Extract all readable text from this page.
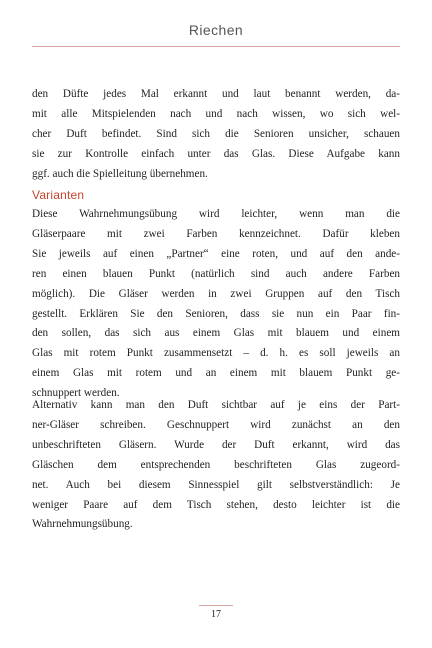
Riechen
den Düfte jedes Mal erkannt und laut benannt werden, da-
mit alle Mitspielenden nach und nach wissen, wo sich wel-
cher Duft befindet. Sind sich die Senioren unsicher, schauen
sie zur Kontrolle einfach unter das Glas. Diese Aufgabe kann
ggf. auch die Spielleitung übernehmen.
Varianten
Diese Wahrnehmungsübung wird leichter, wenn man die
Gläserpaare mit zwei Farben kennzeichnet. Dafür kleben
Sie jeweils auf einen „Partner“ eine roten, und auf den ande-
ren einen blauen Punkt (natürlich sind auch andere Farben
möglich). Die Gläser werden in zwei Gruppen auf den Tisch
gestellt. Erklären Sie den Senioren, dass sie nun ein Paar fin-
den sollen, das sich aus einem Glas mit blauem und einem
Glas mit rotem Punkt zusammensetzt – d. h. es soll jeweils an
einem Glas mit rotem und an einem mit blauem Punkt ge-
schnuppert werden.
Alternativ kann man den Duft sichtbar auf je eins der Part-
ner-Gläser schreiben. Geschnuppert wird zunächst an den
unbeschrifteten Gläsern. Wurde der Duft erkannt, wird das
Gläschen dem entsprechenden beschrifteten Glas zugeord-
net. Auch bei diesem Sinnesspiel gilt selbstverständlich: Je
weniger Paare auf dem Tisch stehen, desto leichter ist die
Wahrnehmungsübung.
17
